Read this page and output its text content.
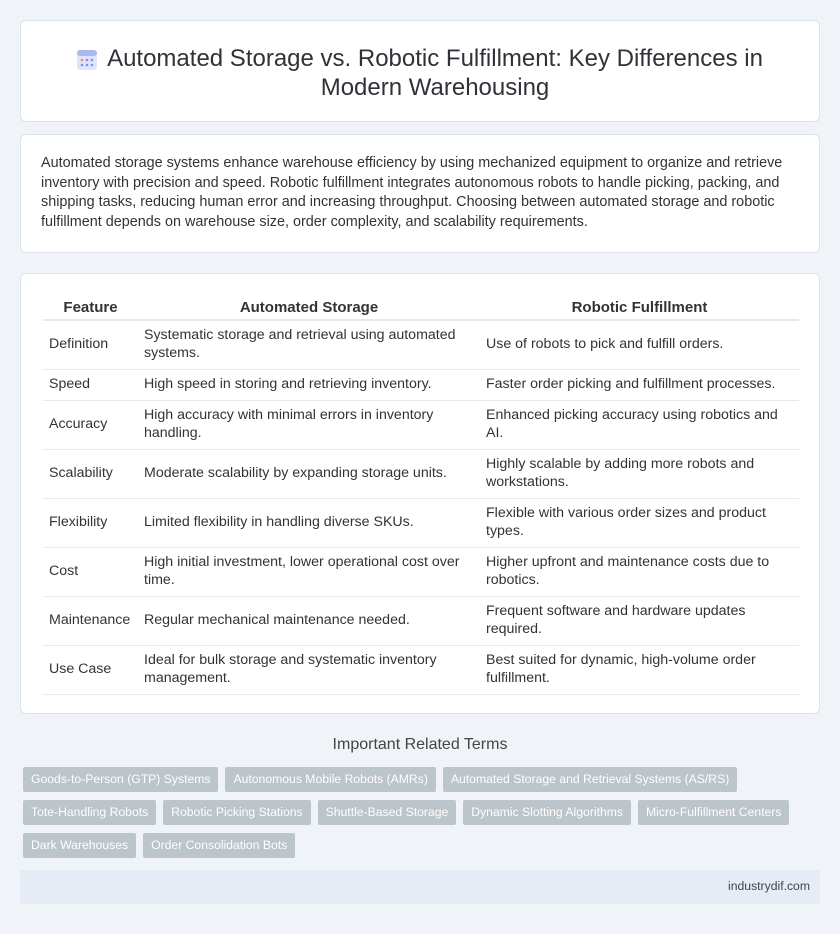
Automated Storage vs. Robotic Fulfillment: Key Differences in Modern Warehousing

Automated storage systems enhance warehouse efficiency by using mechanized equipment to organize and retrieve inventory with precision and speed. Robotic fulfillment integrates autonomous robots to handle picking, packing, and shipping tasks, reducing human error and increasing throughput. Choosing between automated storage and robotic fulfillment depends on warehouse size, order complexity, and scalability requirements.

Feature	Automated Storage	Robotic Fulfillment
Definition	Systematic storage and retrieval using automated systems.	Use of robots to pick and fulfill orders.
Speed	High speed in storing and retrieving inventory.	Faster order picking and fulfillment processes.
Accuracy	High accuracy with minimal errors in inventory handling.	Enhanced picking accuracy using robotics and AI.
Scalability	Moderate scalability by expanding storage units.	Highly scalable by adding more robots and workstations.
Flexibility	Limited flexibility in handling diverse SKUs.	Flexible with various order sizes and product types.
Cost	High initial investment, lower operational cost over time.	Higher upfront and maintenance costs due to robotics.
Maintenance	Regular mechanical maintenance needed.	Frequent software and hardware updates required.
Use Case	Ideal for bulk storage and systematic inventory management.	Best suited for dynamic, high-volume order fulfillment.
Important Related Terms
Goods-to-Person (GTP) Systems	Autonomous Mobile Robots (AMRs)	Automated Storage and Retrieval Systems (AS/RS)
Tote-Handling Robots	Robotic Picking Stations	Shuttle-Based Storage	Dynamic Slotting Algorithms	Micro-Fulfillment Centers
Dark Warehouses	Order Consolidation Bots
industrydif.com
